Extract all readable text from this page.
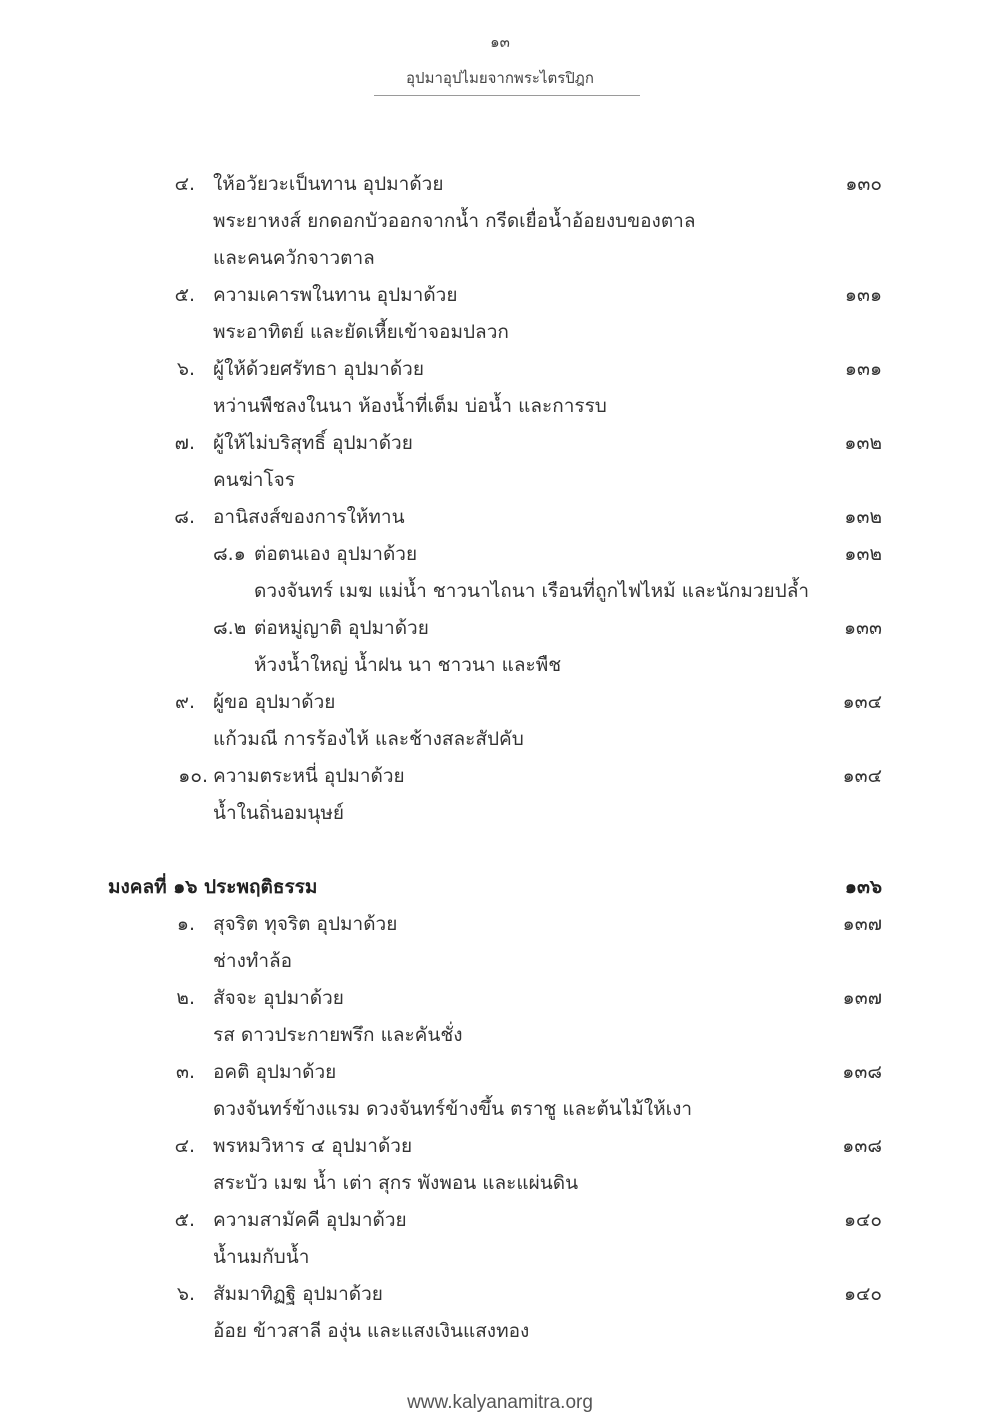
๑๓
อุปมาอุปไมยจากพระไตรปิฎก
๔. ให้อวัยวะเป็นทาน อุปมาด้วย	๑๓๐
พระยาหงส์ ยกดอกบัวออกจากน้ำ กรีดเยื่อน้ำอ้อยงบของตาล
และคนควักจาวตาล
๕. ความเคารพในทาน อุปมาด้วย	๑๓๑
พระอาทิตย์ และยัดเหี้ยเข้าจอมปลวก
๖. ผู้ให้ด้วยศรัทธา อุปมาด้วย	๑๓๑
หว่านพืชลงในนา ห้องน้ำที่เต็ม บ่อน้ำ และการรบ
๗. ผู้ให้ไม่บริสุทธิ์ อุปมาด้วย	๑๓๒
คนฆ่าโจร
๘. อานิสงส์ของการให้ทาน	๑๓๒
๘.๑ ต่อตนเอง อุปมาด้วย	๑๓๒
ดวงจันทร์ เมฆ แม่น้ำ ชาวนาไถนา เรือนที่ถูกไฟไหม้ และนักมวยปล้ำ
๘.๒ ต่อหมู่ญาติ อุปมาด้วย	๑๓๓
ห้วงน้ำใหญ่ น้ำฝน นา ชาวนา และพืช
๙. ผู้ขอ อุปมาด้วย	๑๓๔
แก้วมณี การร้องไห้ และช้างสละสัปคับ
๑๐. ความตระหนี่ อุปมาด้วย	๑๓๔
น้ำในถิ่นอมนุษย์
มงคลที่ ๑๖ ประพฤติธรรม	๑๓๖
๑. สุจริต ทุจริต อุปมาด้วย	๑๓๗
ช่างทำล้อ
๒. สัจจะ อุปมาด้วย	๑๓๗
รส ดาวประกายพรึก และคันชั่ง
๓. อคติ อุปมาด้วย	๑๓๘
ดวงจันทร์ข้างแรม ดวงจันทร์ข้างขึ้น ตราชู และต้นไม้ให้เงา
๔. พรหมวิหาร ๔ อุปมาด้วย	๑๓๘
สระบัว เมฆ น้ำ เต่า สุกร พังพอน และแผ่นดิน
๕. ความสามัคคี อุปมาด้วย	๑๔๐
น้ำนมกับน้ำ
๖. สัมมาทิฏฐิ อุปมาด้วย	๑๔๐
อ้อย ข้าวสาลี องุ่น และแสงเงินแสงทอง
www.kalyanamitra.org
